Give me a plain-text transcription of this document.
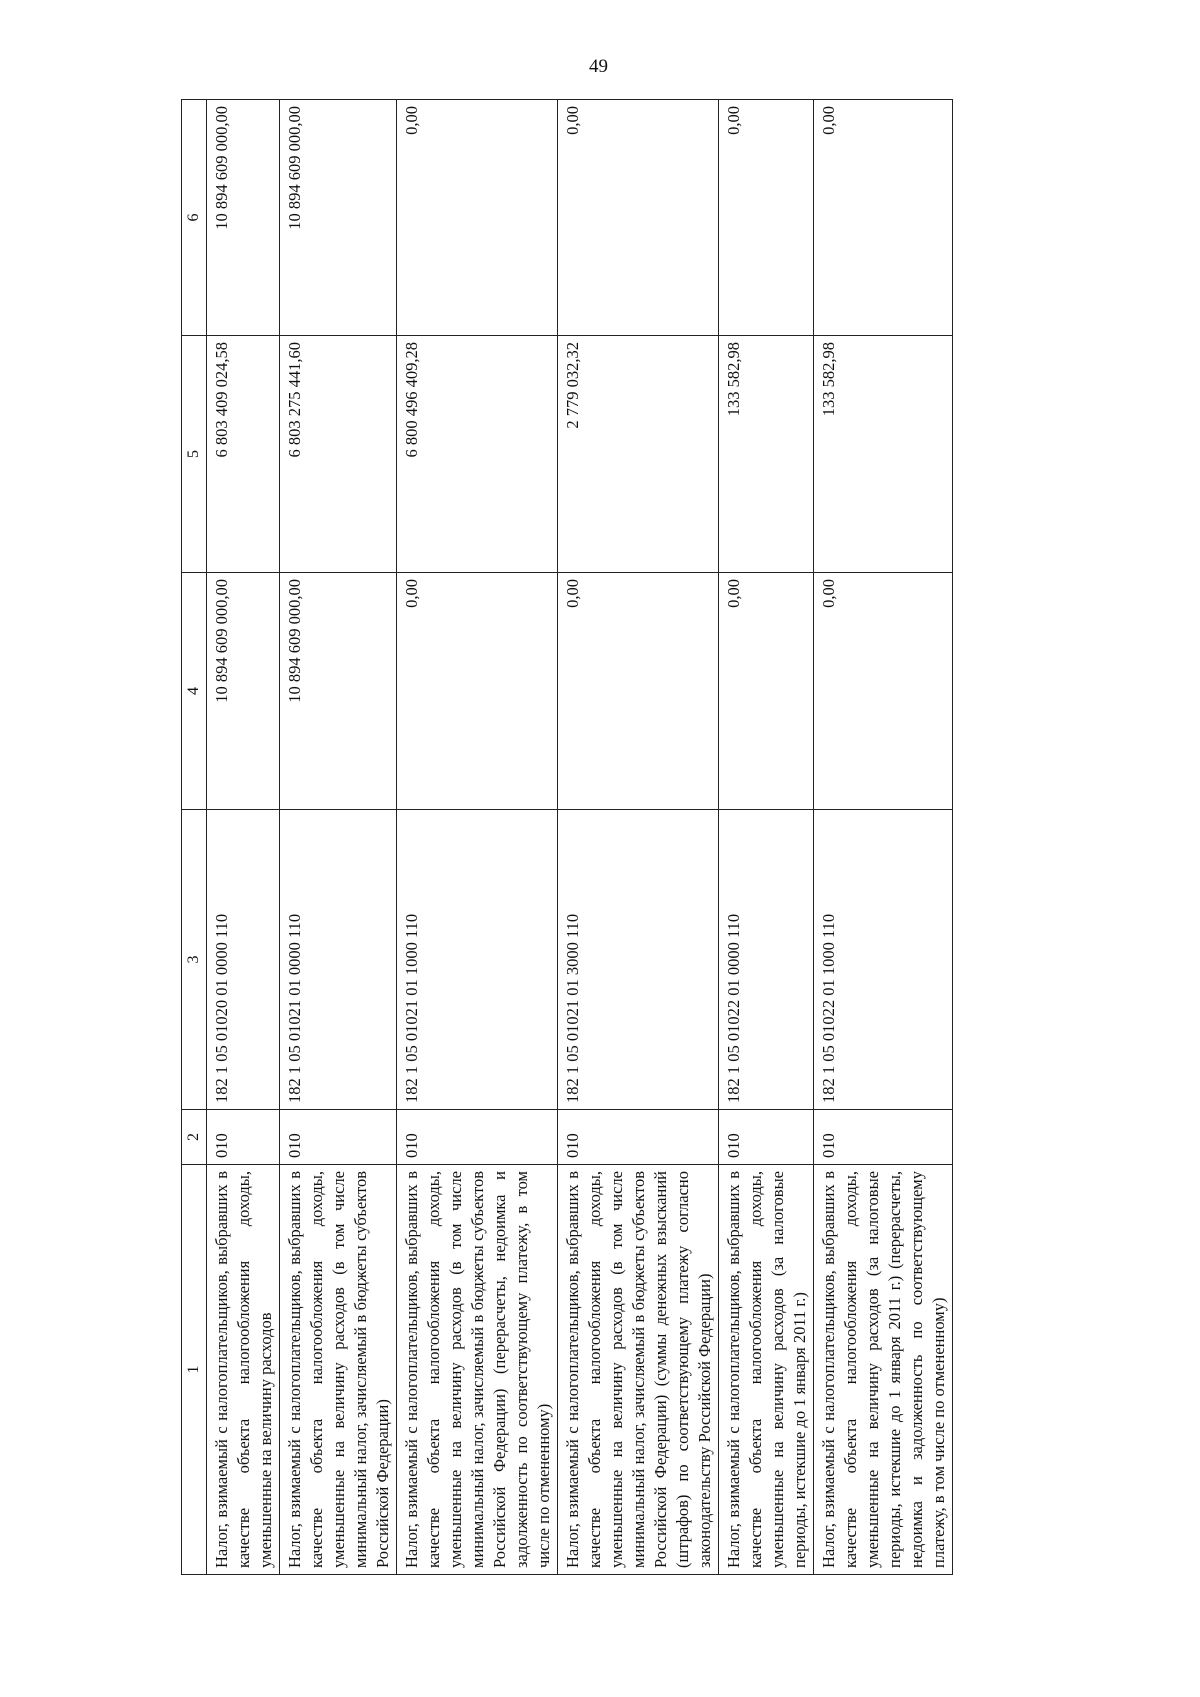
49
1	2	3	4	5	6
Налог, взимаемый с налогоплательщиков, выбравших в качестве объекта налогообложения доходы, уменьшенные на величину расходов	010	182 1 05 01020 01 0000 110	10 894 609 000,00	6 803 409 024,58	10 894 609 000,00
Налог, взимаемый с налогоплательщиков, выбравших в качестве объекта налогообложения доходы, уменьшенные на величину расходов (в том числе минимальный налог, зачисляемый в бюджеты субъектов Российской Федерации)	010	182 1 05 01021 01 0000 110	10 894 609 000,00	6 803 275 441,60	10 894 609 000,00
Налог, взимаемый с налогоплательщиков, выбравших в качестве объекта налогообложения доходы, уменьшенные на величину расходов (в том числе минимальный налог, зачисляемый в бюджеты субъектов Российской Федерации) (перерасчеты, недоимка и задолженность по соответствующему платежу, в том числе по отмененному)	010	182 1 05 01021 01 1000 110	0,00	6 800 496 409,28	0,00
Налог, взимаемый с налогоплательщиков, выбравших в качестве объекта налогообложения доходы, уменьшенные на величину расходов (в том числе минимальный налог, зачисляемый в бюджеты субъектов Российской Федерации) (суммы денежных взысканий (штрафов) по соответствующему платежу согласно законодательству Российской Федерации)	010	182 1 05 01021 01 3000 110	0,00	2 779 032,32	0,00
Налог, взимаемый с налогоплательщиков, выбравших в качестве объекта налогообложения доходы, уменьшенные на величину расходов (за налоговые периоды, истекшие до 1 января 2011 г.)	010	182 1 05 01022 01 0000 110	0,00	133 582,98	0,00
Налог, взимаемый с налогоплательщиков, выбравших в качестве объекта налогообложения доходы, уменьшенные на величину расходов (за налоговые периоды, истекшие до 1 января 2011 г.) (перерасчеты, недоимка и задолженность по соответствующему платежу, в том числе по отмененному)	010	182 1 05 01022 01 1000 110	0,00	133 582,98	0,00
